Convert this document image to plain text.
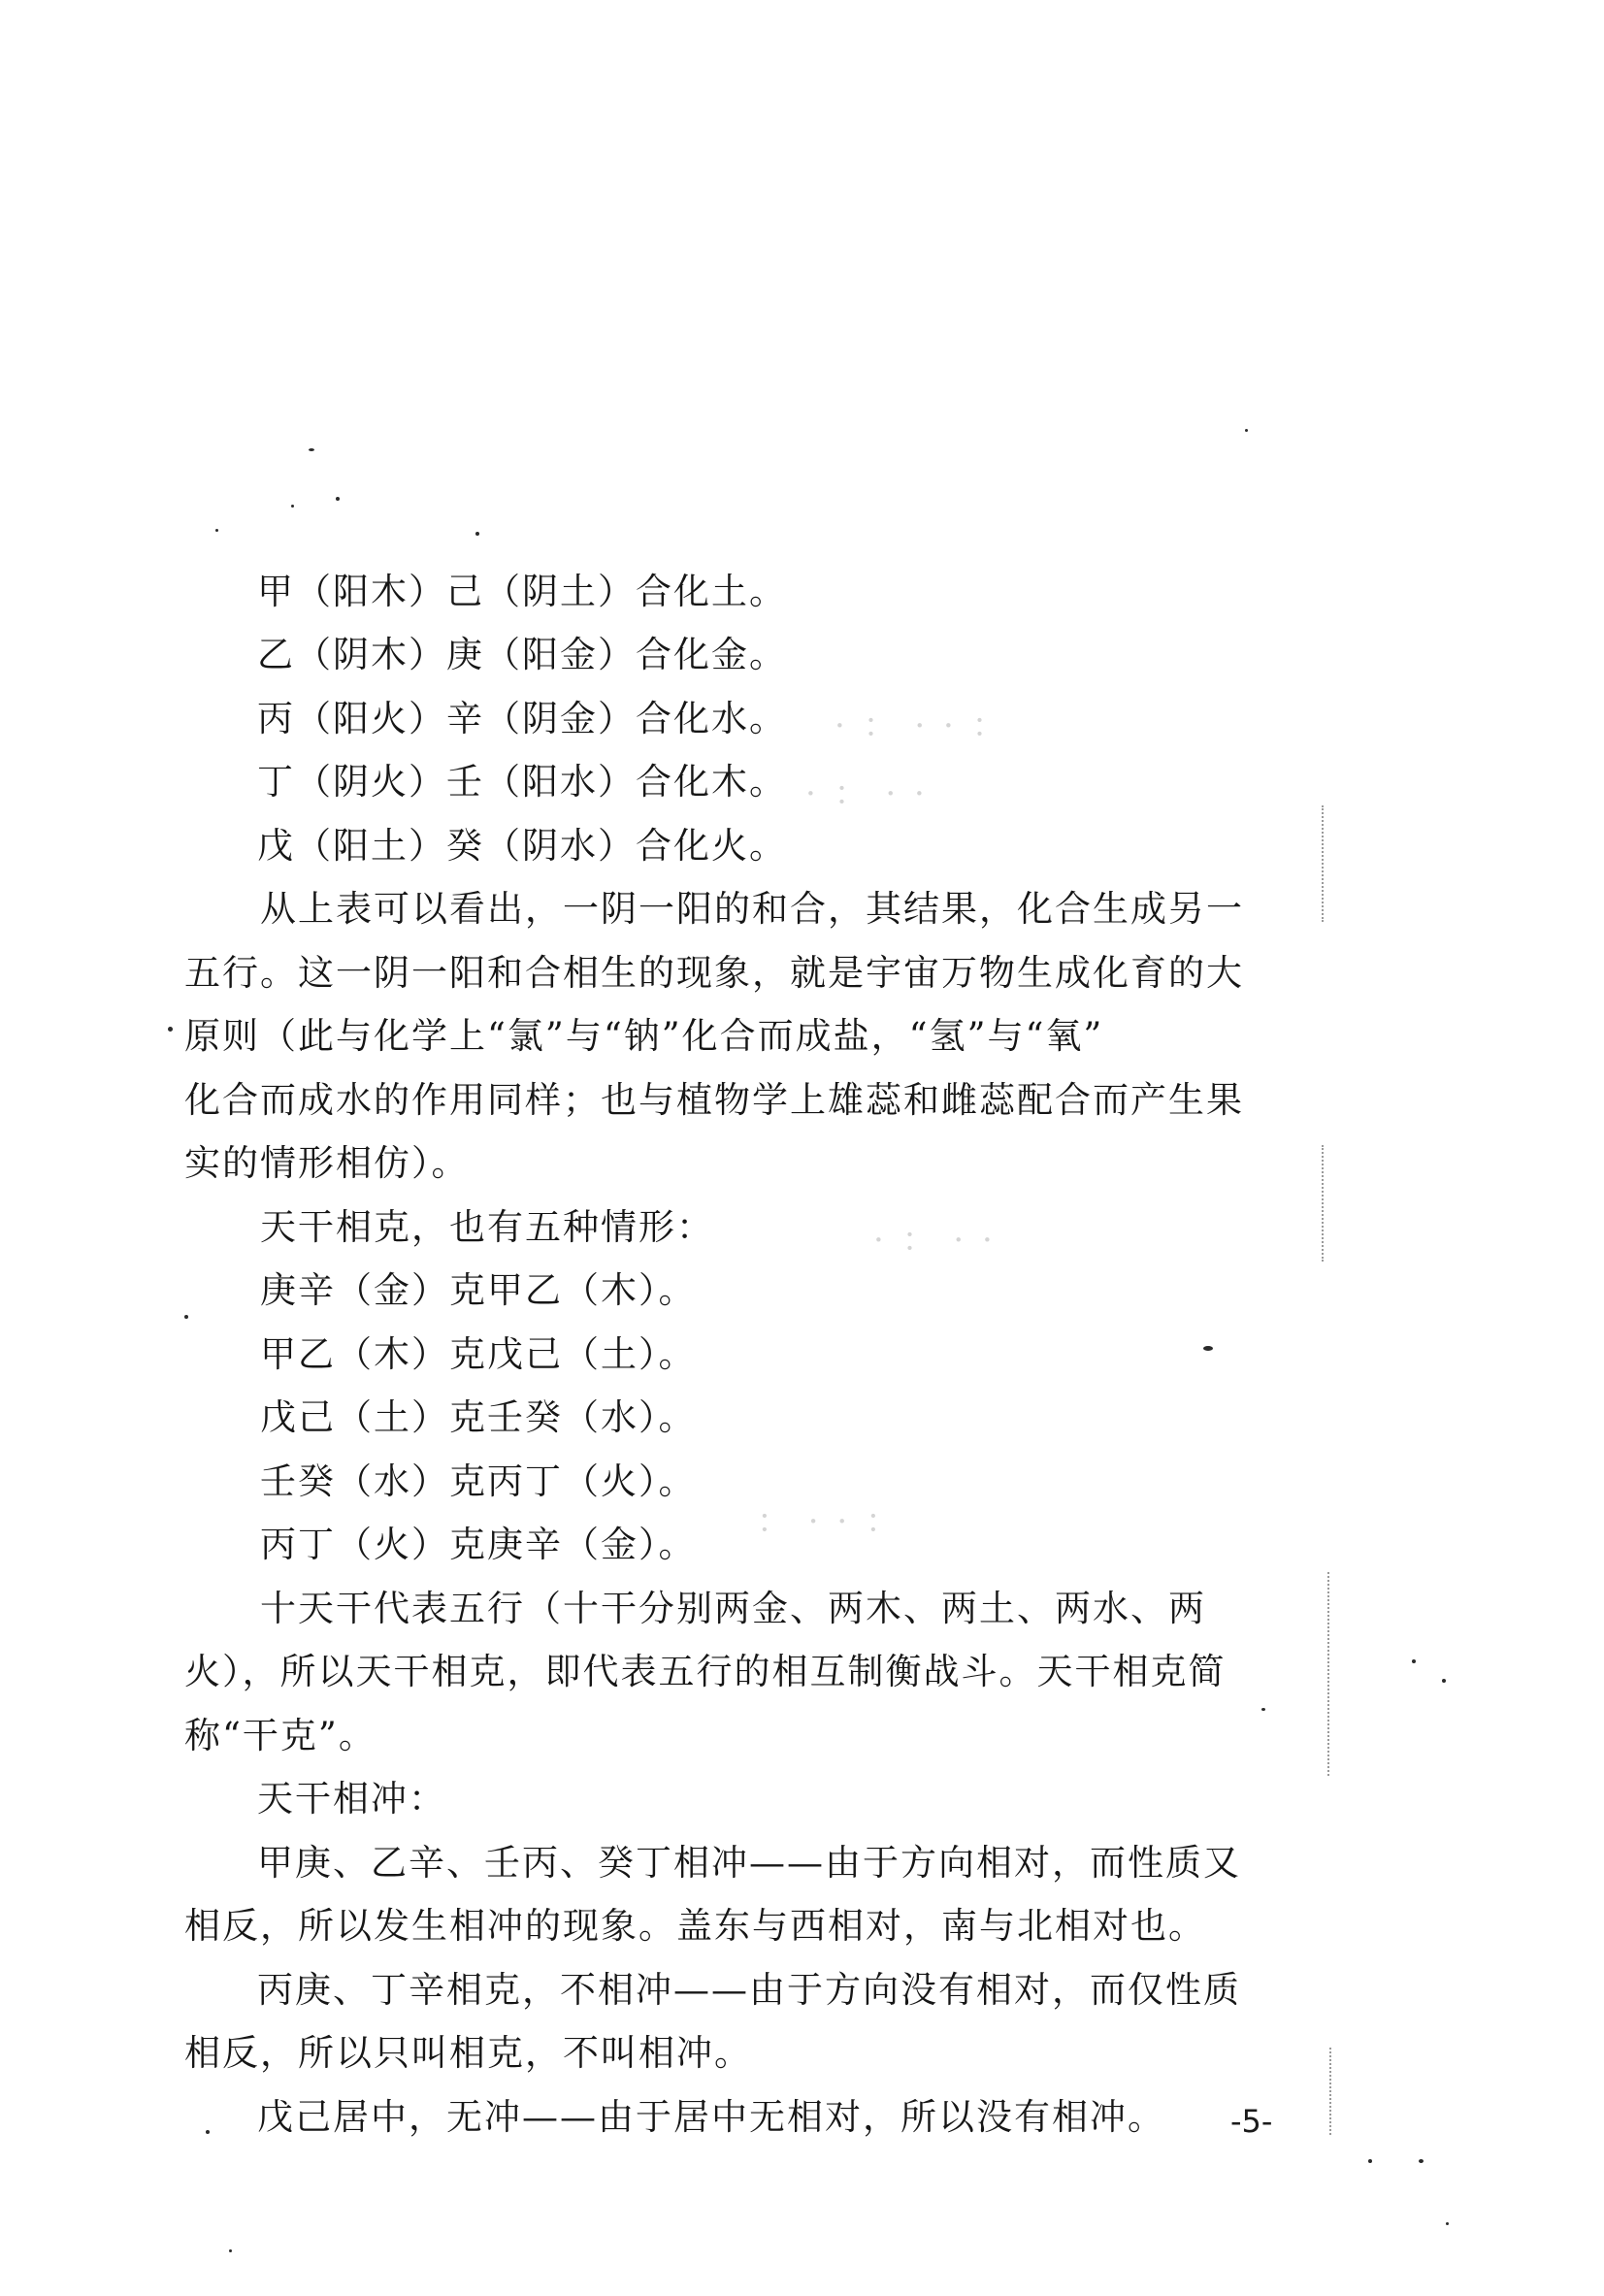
· ： · · ：
· ： · ·
· ： · ·
： · · ：
甲（阳木）己（阴土）合化土。
乙（阴木）庚（阳金）合化金。
丙（阳火）辛（阴金）合化水。
丁（阴火）壬（阳水）合化木。
戊（阳土）癸（阴水）合化火。
从上表可以看出，一阴一阳的和合，其结果，化合生成另一
五行。这一阴一阳和合相生的现象，就是宇宙万物生成化育的大
原则（此与化学上“氯”与“钠”化合而成盐，“氢”与“氧”
化合而成水的作用同样；也与植物学上雄蕊和雌蕊配合而产生果
实的情形相仿）。
天干相克，也有五种情形：
庚辛（金）克甲乙（木）。
甲乙（木）克戊己（土）。
戊己（土）克壬癸（水）。
壬癸（水）克丙丁（火）。
丙丁（火）克庚辛（金）。
十天干代表五行（十干分别两金、两木、两土、两水、两
火），所以天干相克，即代表五行的相互制衡战斗。天干相克简
称“干克”。
天干相冲：
甲庚、乙辛、壬丙、癸丁相冲——由于方向相对，而性质又
相反，所以发生相冲的现象。盖东与西相对，南与北相对也。
丙庚、丁辛相克，不相冲——由于方向没有相对，而仅性质
相反，所以只叫相克，不叫相冲。
戊己居中，无冲——由于居中无相对，所以没有相冲。 -5-
